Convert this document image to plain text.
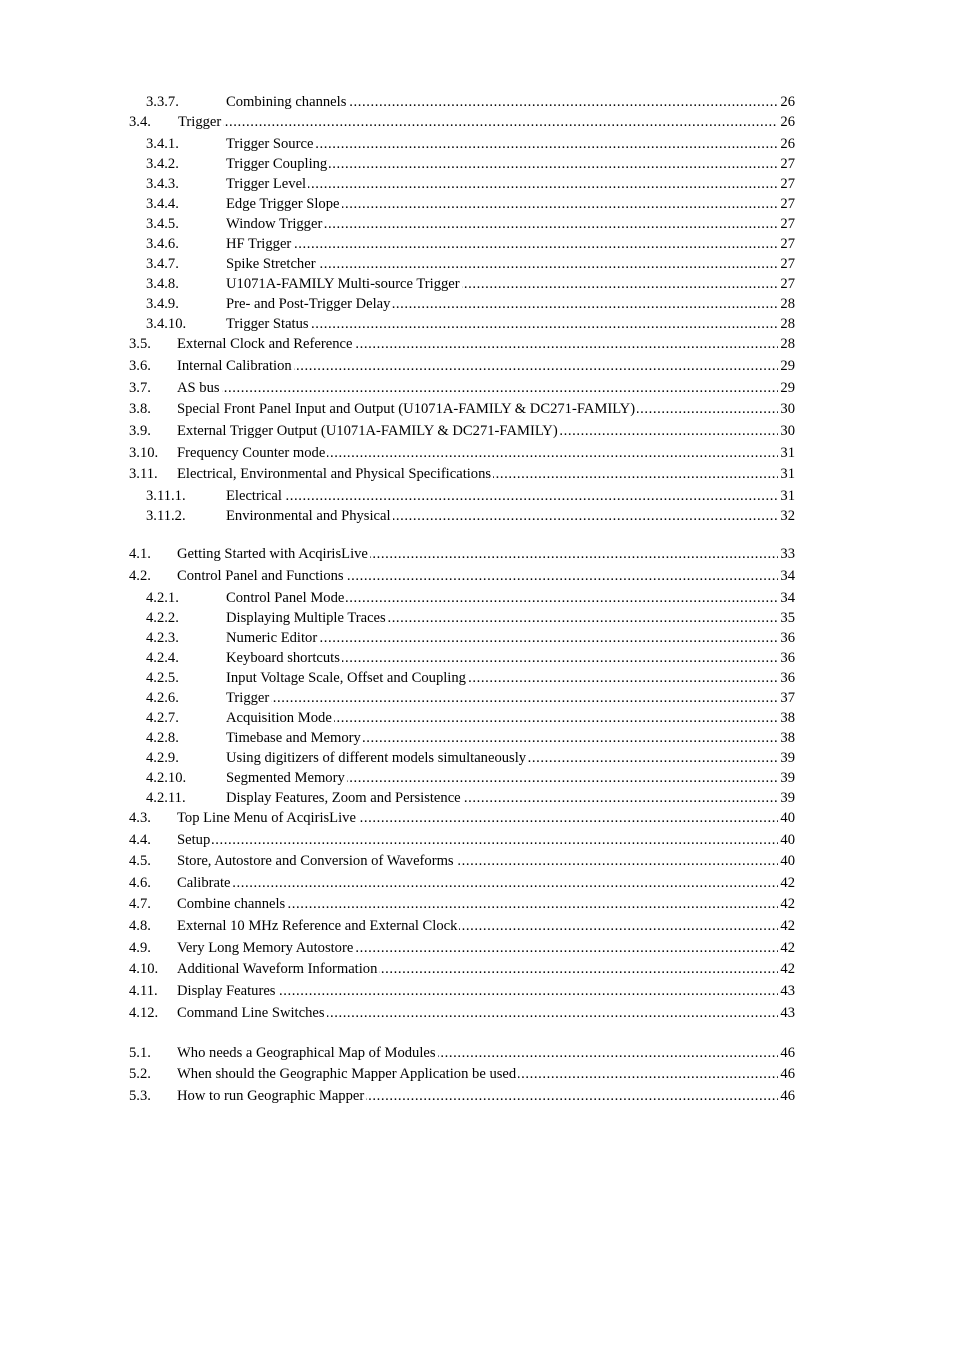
3.3.7.	Combining channels .....	26
3.4. Trigger .....	26
3.4.1.	Trigger Source .....	26
3.4.2.	Trigger Coupling .....	27
3.4.3.	Trigger Level .....	27
3.4.4.	Edge Trigger Slope .....	27
3.4.5.	Window Trigger .....	27
3.4.6.	HF Trigger .....	27
3.4.7.	Spike Stretcher .....	27
3.4.8.	U1071A-FAMILY Multi-source Trigger .....	27
3.4.9.	Pre- and Post-Trigger Delay .....	28
3.4.10.	Trigger Status .....	28
3.5. External Clock and Reference .....	28
3.6. Internal Calibration .....	29
3.7. AS bus .....	29
3.8. Special Front Panel Input and Output (U1071A-FAMILY & DC271-FAMILY) .....	30
3.9. External Trigger Output (U1071A-FAMILY & DC271-FAMILY) .....	30
3.10. Frequency Counter mode .....	31
3.11. Electrical, Environmental and Physical Specifications .....	31
3.11.1.	Electrical .....	31
3.11.2.	Environmental and Physical .....	32
4.1. Getting Started with AcqirisLive .....	33
4.2. Control Panel and Functions .....	34
4.2.1.	Control Panel Mode .....	34
4.2.2.	Displaying Multiple Traces .....	35
4.2.3.	Numeric Editor .....	36
4.2.4.	Keyboard shortcuts .....	36
4.2.5.	Input Voltage Scale, Offset and Coupling .....	36
4.2.6.	Trigger .....	37
4.2.7.	Acquisition Mode .....	38
4.2.8.	Timebase and Memory .....	38
4.2.9.	Using digitizers of different models simultaneously .....	39
4.2.10.	Segmented Memory .....	39
4.2.11.	Display Features, Zoom and Persistence .....	39
4.3. Top Line Menu of AcqirisLive .....	40
4.4. Setup .....	40
4.5. Store, Autostore and Conversion of Waveforms .....	40
4.6. Calibrate .....	42
4.7. Combine channels .....	42
4.8. External 10 MHz Reference and External Clock .....	42
4.9. Very Long Memory Autostore .....	42
4.10. Additional Waveform Information .....	42
4.11. Display Features .....	43
4.12. Command Line Switches .....	43
5.1. Who needs a Geographical Map of Modules .....	46
5.2. When should the Geographic Mapper Application be used .....	46
5.3. How to run Geographic Mapper .....	46
